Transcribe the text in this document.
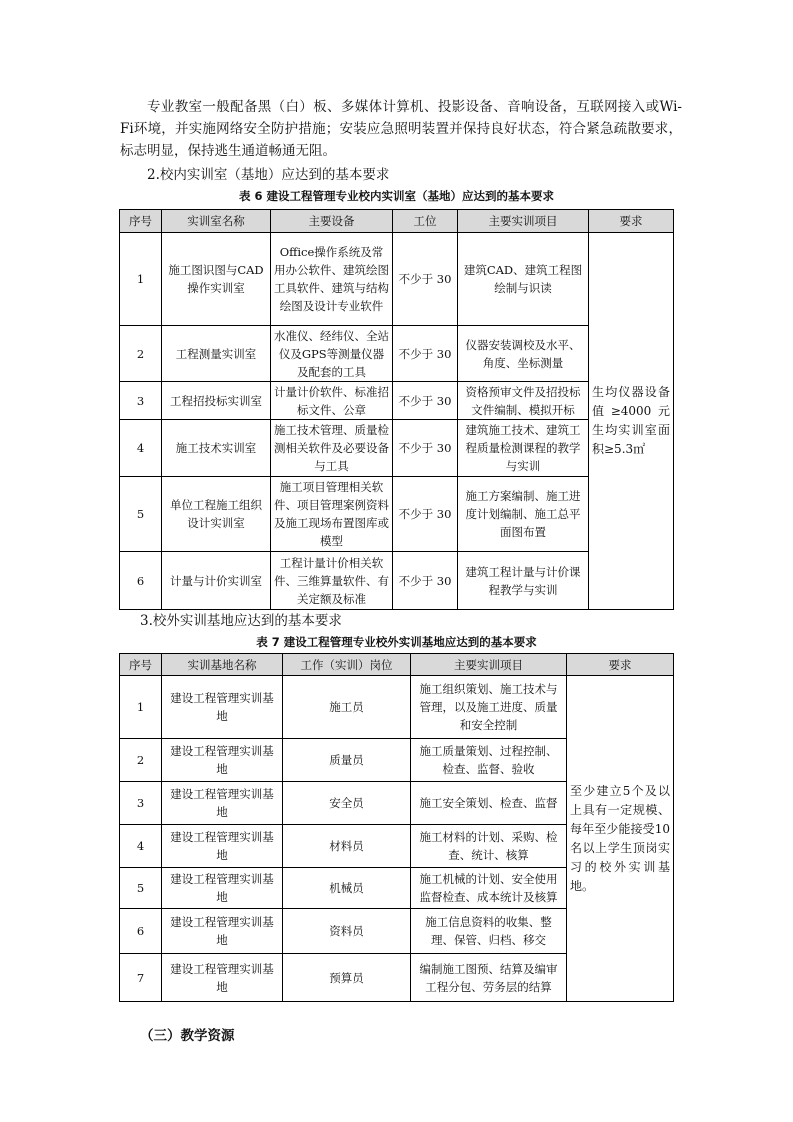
专业教室一般配备黑（白）板、多媒体计算机、投影设备、音响设备，互联网接入或Wi-Fi环境，并实施网络安全防护措施；安装应急照明装置并保持良好状态，符合紧急疏散要求，标志明显，保持逃生通道畅通无阻。

2.校内实训室（基地）应达到的基本要求

表 6 建设工程管理专业校内实训室（基地）应达到的基本要求

序号	实训室名称	主要设备	工位	主要实训项目	要求
1	施工图识图与CAD操作实训室	Office操作系统及常用办公软件、建筑绘图工具软件、建筑与结构绘图及设计专业软件	不少于 30	建筑CAD、建筑工程图绘制与识读	生均仪器设备值≥4000元 生均实训室面积≥5.3㎡
2	工程测量实训室	水准仪、经纬仪、全站仪及GPS等测量仪器及配套的工具	不少于 30	仪器安装调校及水平、角度、坐标测量	
3	工程招投标实训室	计量计价软件、标准招标文件、公章	不少于 30	资格预审文件及招投标文件编制、模拟开标	
4	施工技术实训室	施工技术管理、质量检测相关软件及必要设备与工具	不少于 30	建筑施工技术、建筑工程质量检测课程的教学与实训	
5	单位工程施工组织设计实训室	施工项目管理相关软件、项目管理案例资料及施工现场布置图库或模型	不少于 30	施工方案编制、施工进度计划编制、施工总平面图布置	
6	计量与计价实训室	工程计量计价相关软件、三维算量软件、有关定额及标准	不少于 30	建筑工程计量与计价课程教学与实训	

3.校外实训基地应达到的基本要求

表 7 建设工程管理专业校外实训基地应达到的基本要求

序号	实训基地名称	工作（实训）岗位	主要实训项目	要求
1	建设工程管理实训基地	施工员	施工组织策划、施工技术与管理，以及施工进度、质量和安全控制	至少建立5个及以上具有一定规模、每年至少能接受10名以上学生顶岗实习的校外实训基地。
2	建设工程管理实训基地	质量员	施工质量策划、过程控制、检查、监督、验收	
3	建设工程管理实训基地	安全员	施工安全策划、检查、监督	
4	建设工程管理实训基地	材料员	施工材料的计划、采购、检查、统计、核算	
5	建设工程管理实训基地	机械员	施工机械的计划、安全使用监督检查、成本统计及核算	
6	建设工程管理实训基地	资料员	施工信息资料的收集、整理、保管、归档、移交	
7	建设工程管理实训基地	预算员	编制施工图预、结算及编审工程分包、劳务层的结算	

（三）教学资源
